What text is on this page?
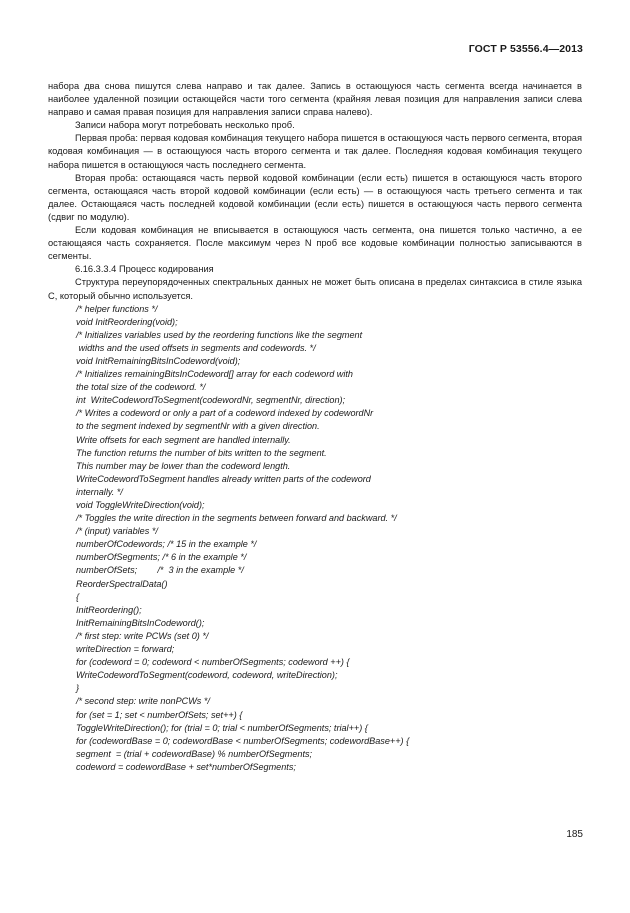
ГОСТ Р 53556.4—2013

набора два снова пишутся слева направо и так далее. Запись в остающуюся часть сегмента всегда начинается в наиболее удаленной позиции остающейся части того сегмента (крайняя левая позиция для направления записи слева направо и самая правая позиция для направления записи справа налево).

Записи набора могут потребовать несколько проб.

Первая проба: первая кодовая комбинация текущего набора пишется в остающуюся часть первого сегмента, вторая кодовая комбинация — в остающуюся часть второго сегмента и так далее. Последняя кодовая комбинация текущего набора пишется в остающуюся часть последнего сегмента.

Вторая проба: остающаяся часть первой кодовой комбинации (если есть) пишется в остающуюся часть второго сегмента, остающаяся часть второй кодовой комбинации (если есть) — в остающуюся часть третьего сегмента и так далее. Остающаяся часть последней кодовой комбинации (если есть) пишется в остающуюся часть первого сегмента (сдвиг по модулю).

Если кодовая комбинация не вписывается в остающуюся часть сегмента, она пишется только частично, а ее остающаяся часть сохраняется. После максимум через N проб все кодовые комбинации полностью записываются в сегменты.

6.16.3.3.4 Процесс кодирования

Структура переупорядоченных спектральных данных не может быть описана в пределах синтаксиса в стиле языка С, который обычно используется.

/* helper functions */
void InitReordering(void);
/* Initializes variables used by the reordering functions like the segment
widths and the used offsets in segments and codewords. */
void InitRemainingBitsInCodeword(void);
/* Initializes remainingBitsInCodeword[] array for each codeword with
the total size of the codeword. */
int  WriteCodewordToSegment(codewordNr, segmentNr, direction);
/* Writes a codeword or only a part of a codeword indexed by codewordNr
to the segment indexed by segmentNr with a given direction.
Write offsets for each segment are handled internally.
The function returns the number of bits written to the segment.
This number may be lower than the codeword length.
WriteCodewordToSegment handles already written parts of the codeword
internally. */
void ToggleWriteDirection(void);
/* Toggles the write direction in the segments between forward and backward. */
/* (input) variables */
numberOfCodewords; /* 15 in the example */
numberOfSegments; /* 6 in the example */
numberOfSets;        /*  3 in the example */
ReorderSpectralData()
{
InitReordering();
InitRemainingBitsInCodeword();
/* first step: write PCWs (set 0) */
writeDirection = forward;
for (codeword = 0; codeword < numberOfSegments; codeword ++) {
WriteCodewordToSegment(codeword, codeword, writeDirection);
}
/* second step: write nonPCWs */
for (set = 1; set < numberOfSets; set++) {
ToggleWriteDirection(); for (trial = 0; trial < numberOfSegments; trial++) {
for (codewordBase = 0; codewordBase < numberOfSegments; codewordBase++) {
segment  = (trial + codewordBase) % numberOfSegments;
codeword = codewordBase + set*numberOfSegments;
185
